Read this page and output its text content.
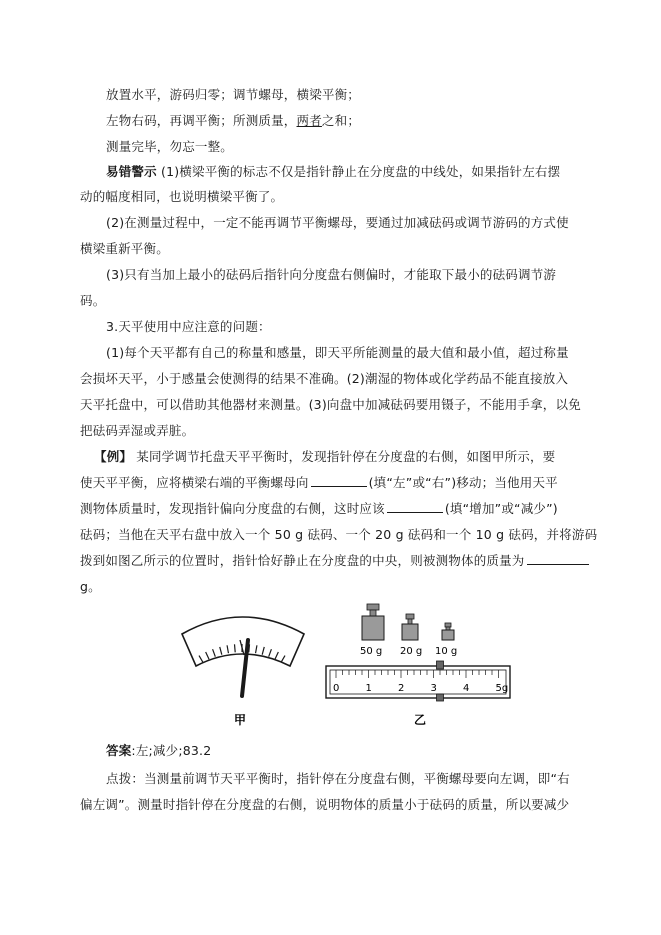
放置水平，游码归零；调节螺母，横梁平衡；
左物右码，再调平衡；所测质量，两者之和；
测量完毕，勿忘一整。
易错警示 (1)横梁平衡的标志不仅是指针静止在分度盘的中线处，如果指针左右摆
动的幅度相同，也说明横梁平衡了。
(2)在测量过程中，一定不能再调节平衡螺母，要通过加减砝码或调节游码的方式使
横梁重新平衡。
(3)只有当加上最小的砝码后指针向分度盘右侧偏时，才能取下最小的砝码调节游
码。
3.天平使用中应注意的问题：
(1)每个天平都有自己的称量和感量，即天平所能测量的最大值和最小值，超过称量
会损坏天平，小于感量会使测得的结果不准确。(2)潮湿的物体或化学药品不能直接放入
天平托盘中，可以借助其他器材来测量。(3)向盘中加减砝码要用镊子，不能用手拿，以免
把砝码弄湿或弄脏。
【例】 某同学调节托盘天平平衡时，发现指针停在分度盘的右侧，如图甲所示，要
使天平平衡，应将横梁右端的平衡螺母向	(填“左”或“右”)移动；当他用天平
测物体质量时，发现指针偏向分度盘的右侧，这时应该	(填“增加”或“减少”)
砝码；当他在天平右盘中放入一个 50 g 砝码、一个 20 g 砝码和一个 10 g 砝码，并将游码
拨到如图乙所示的位置时，指针恰好静止在分度盘的中央，则被测物体的质量为
g。
甲
50 g 20 g 10 g
0	1	2	3	4	5g
乙
答案:左;减少;83.2
点拨：当测量前调节天平平衡时，指针停在分度盘右侧，平衡螺母要向左调，即“右
偏左调”。测量时指针停在分度盘的右侧，说明物体的质量小于砝码的质量，所以要减少
